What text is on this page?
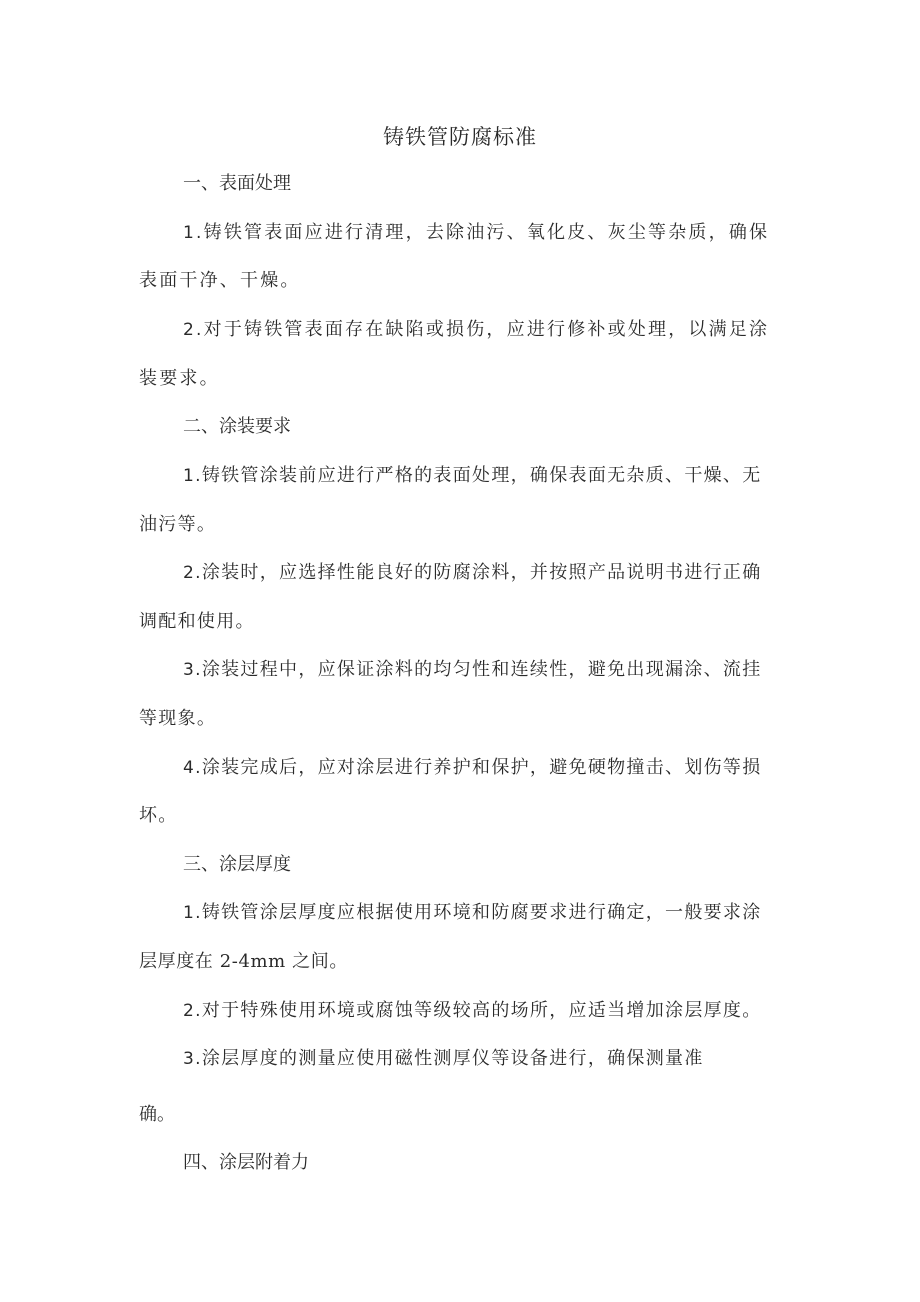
铸铁管防腐标准
一、表面处理
1.铸铁管表面应进行清理，去除油污、氧化皮、灰尘等杂质，确保
表面干净、干燥。
2.对于铸铁管表面存在缺陷或损伤，应进行修补或处理，以满足涂
装要求。
二、涂装要求
1.铸铁管涂装前应进行严格的表面处理，确保表面无杂质、干燥、无
油污等。
2.涂装时，应选择性能良好的防腐涂料，并按照产品说明书进行正确
调配和使用。
3.涂装过程中，应保证涂料的均匀性和连续性，避免出现漏涂、流挂
等现象。
4.涂装完成后，应对涂层进行养护和保护，避免硬物撞击、划伤等损
坏。
三、涂层厚度
1.铸铁管涂层厚度应根据使用环境和防腐要求进行确定，一般要求涂
层厚度在 2-4mm 之间。
2.对于特殊使用环境或腐蚀等级较高的场所，应适当增加涂层厚度。
3.涂层厚度的测量应使用磁性测厚仪等设备进行，确保测量准
确。
四、涂层附着力
